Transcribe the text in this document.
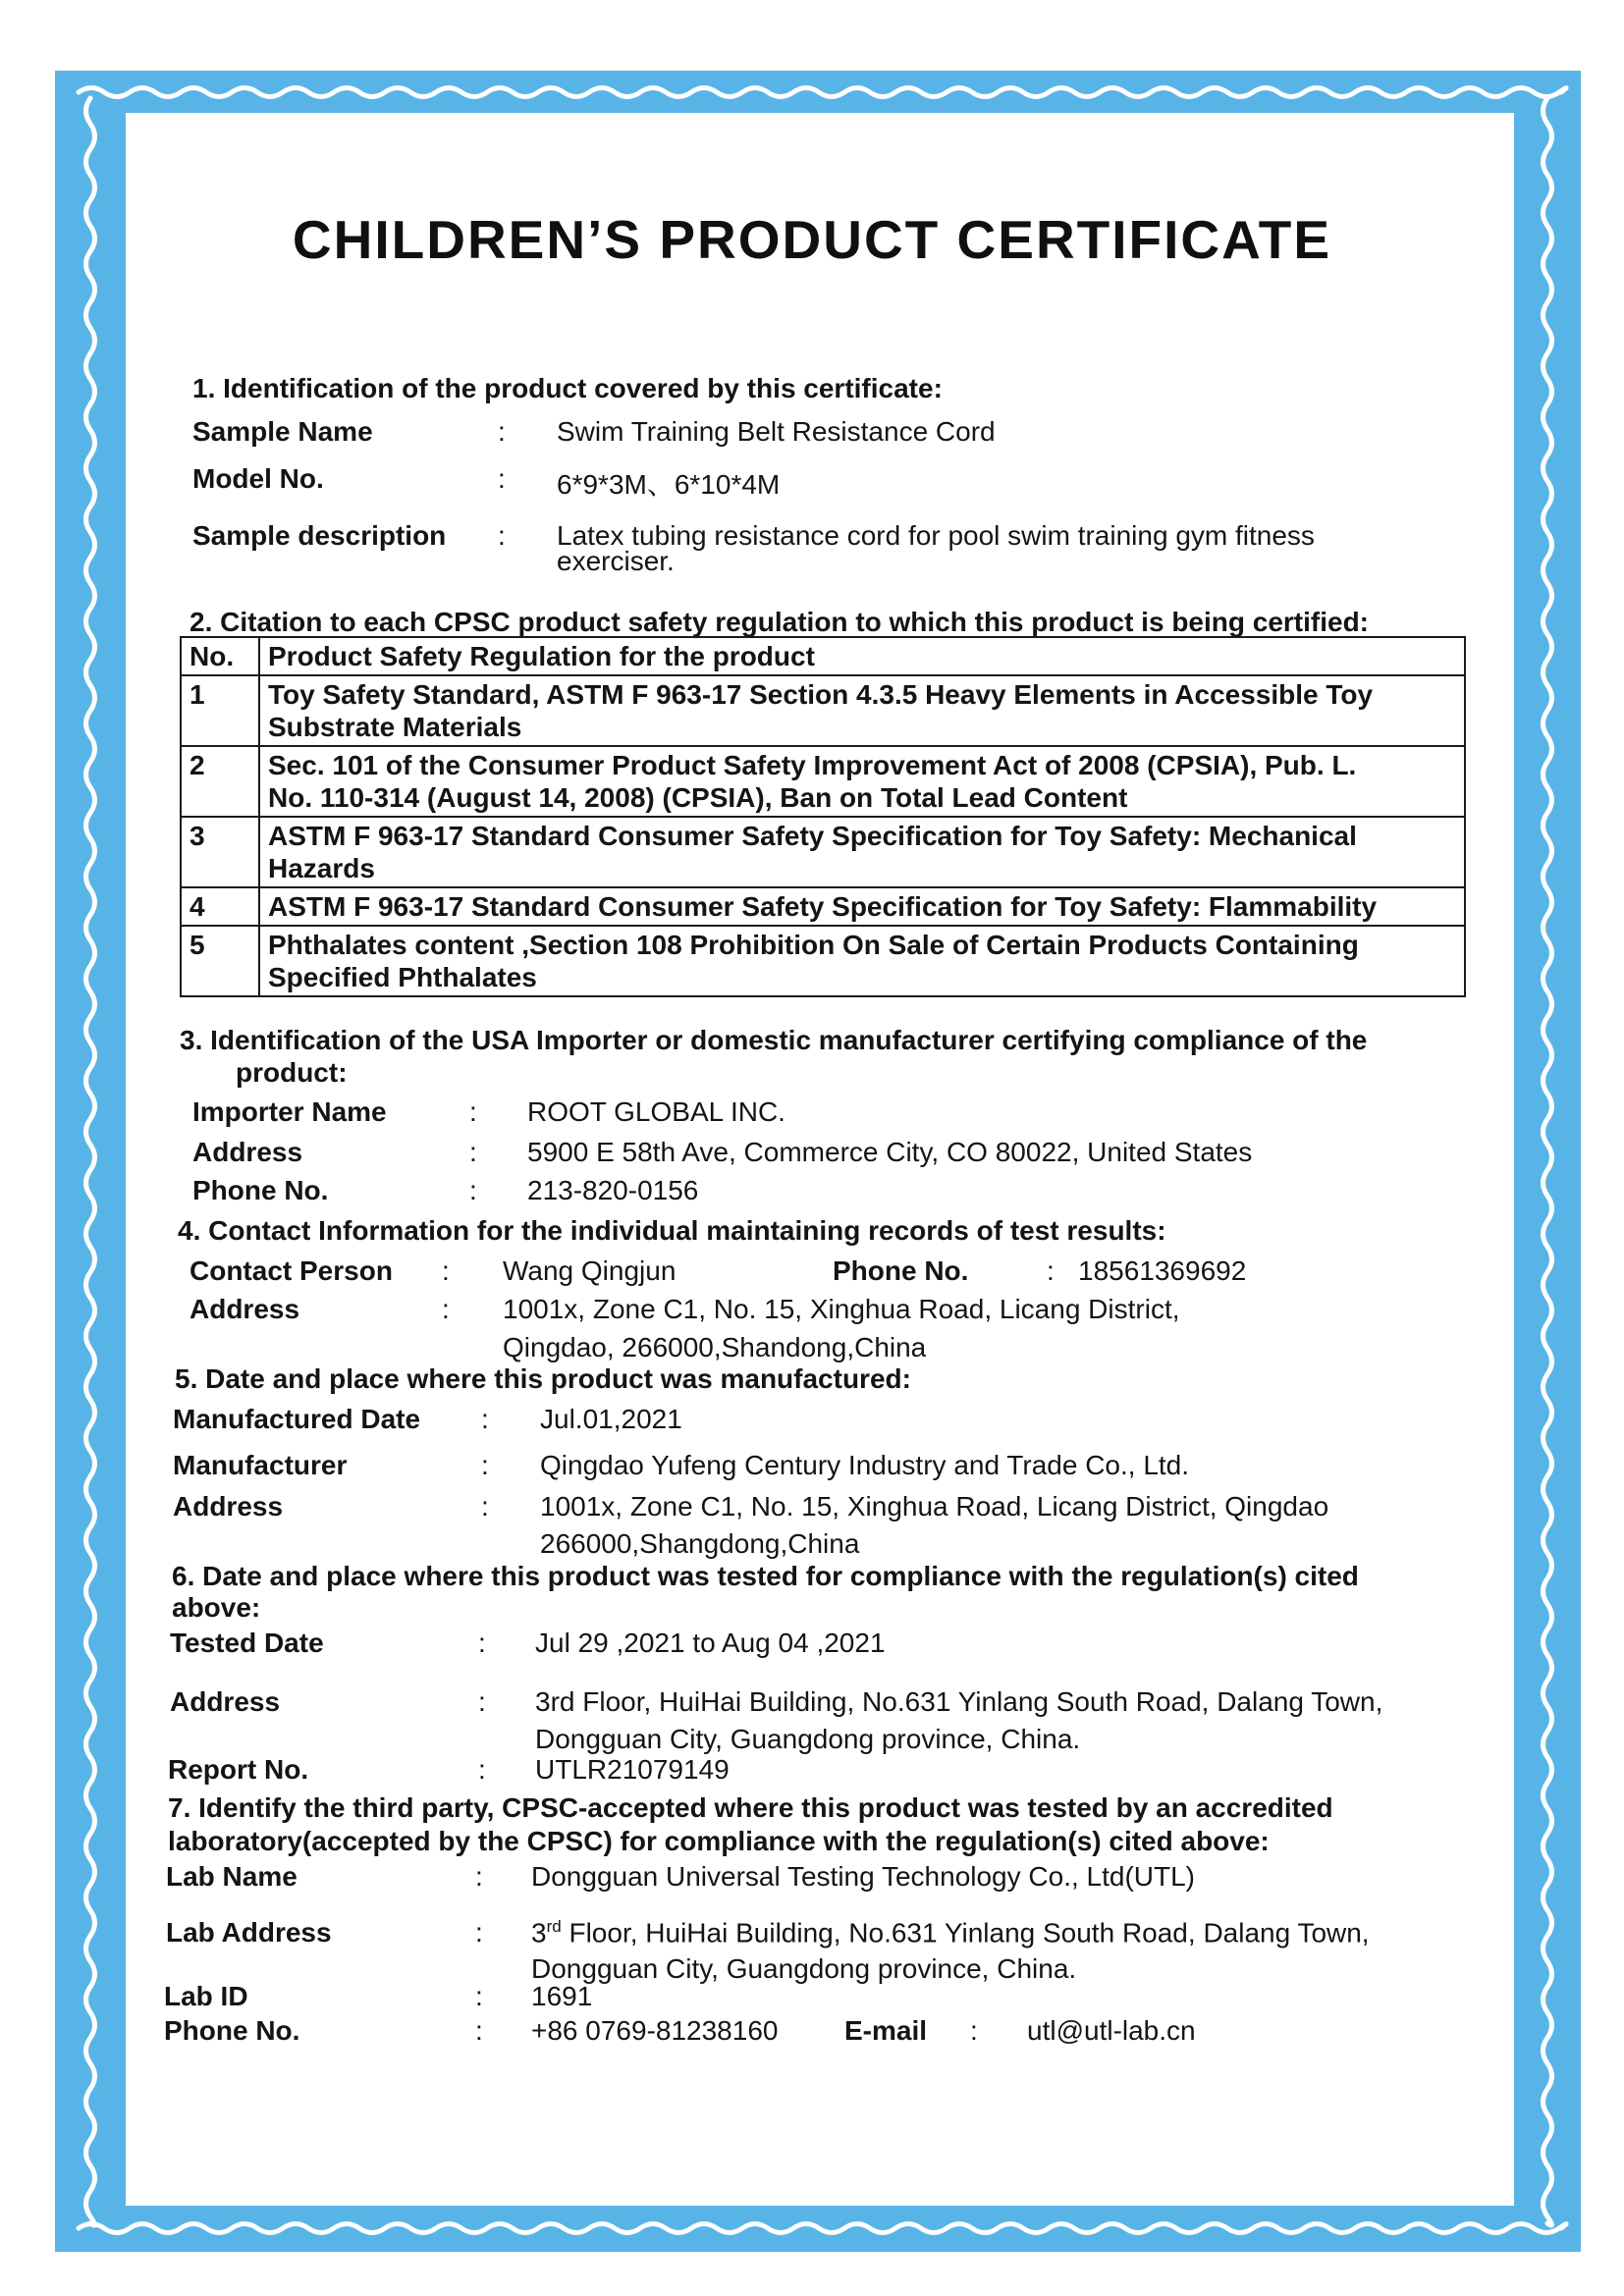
CHILDREN’S PRODUCT CERTIFICATE
1. Identification of the product covered by this certificate:
Sample Name	: Swim Training Belt Resistance Cord
Model No.	: 6*9*3M、6*10*4M
Sample description : Latex tubing resistance cord for pool swim training gym fitness
exerciser.
2. Citation to each CPSC product safety regulation to which this product is being certified:
No.	Product Safety Regulation for the product
1	Toy Safety Standard, ASTM F 963-17 Section 4.3.5 Heavy Elements in Accessible Toy
Substrate Materials

2	Sec. 101 of the Consumer Product Safety Improvement Act of 2008 (CPSIA), Pub. L.
No. 110-314 (August 14, 2008) (CPSIA), Ban on Total Lead Content

3	ASTM F 963-17 Standard Consumer Safety Specification for Toy Safety: Mechanical
Hazards

4	ASTM F 963-17 Standard Consumer Safety Specification for Toy Safety: Flammability

5	Phthalates content ,Section 108 Prohibition On Sale of Certain Products Containing
Specified Phthalates
3. Identification of the USA Importer or domestic manufacturer certifying compliance of the
product:
Importer Name	: ROOT GLOBAL INC.
Address	: 5900 E 58th Ave, Commerce City, CO 80022, United States
Phone No.	: 213-820-0156
4. Contact Information for the individual maintaining records of test results:
Contact Person : Wang Qingjun	Phone No.	: 18561369692
Address	: 1001x, Zone C1, No. 15, Xinghua Road, Licang District,
Qingdao, 266000,Shandong,China
5. Date and place where this product was manufactured:
Manufactured Date : Jul.01,2021
Manufacturer	: Qingdao Yufeng Century Industry and Trade Co., Ltd.
Address	: 1001x, Zone C1, No. 15, Xinghua Road, Licang District, Qingdao
266000,Shangdong,China
6. Date and place where this product was tested for compliance with the regulation(s) cited
above:
Tested Date	: Jul 29 ,2021 to Aug 04 ,2021
Address	: 3rd Floor, HuiHai Building, No.631 Yinlang South Road, Dalang Town,
Dongguan City, Guangdong province, China.
Report No.	: UTLR21079149
7. Identify the third party, CPSC-accepted where this product was tested by an accredited
laboratory(accepted by the CPSC) for compliance with the regulation(s) cited above:
Lab Name	: Dongguan Universal Testing Technology Co., Ltd(UTL)
Lab Address	: 3rd Floor, HuiHai Building, No.631 Yinlang South Road, Dalang Town,
Dongguan City, Guangdong province, China.
Lab ID	: 1691
Phone No.	: +86 0769-81238160 E-mail : utl@utl-lab.cn
